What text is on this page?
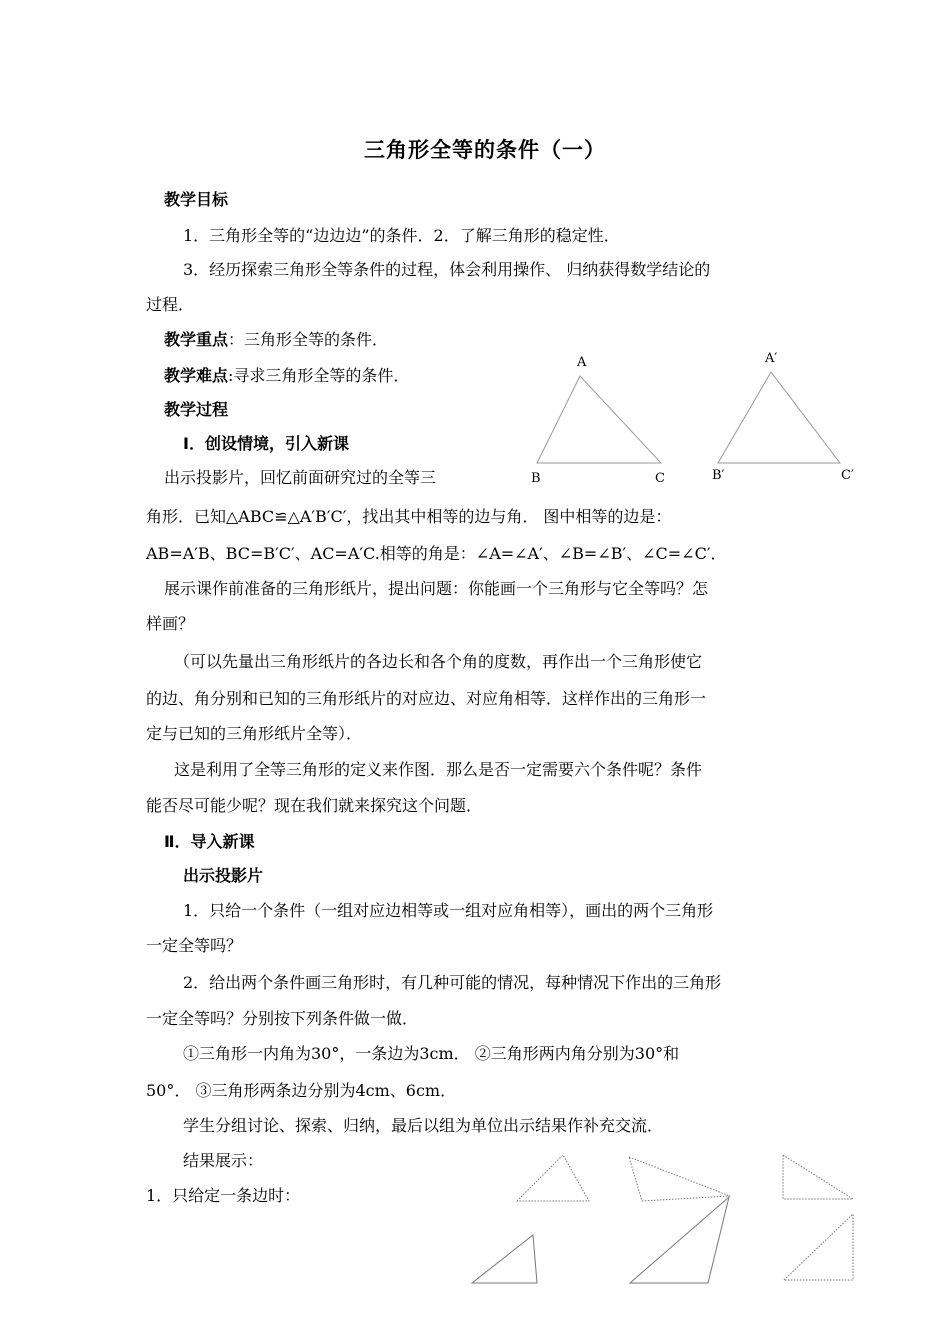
三角形全等的条件（一）
教学目标
1．三角形全等的“边边边”的条件．2．了解三角形的稳定性．
3．经历探索三角形全等条件的过程，体会利用操作、 归纳获得数学结论的
过程．
教学重点：三角形全等的条件．
教学难点:寻求三角形全等的条件．
教学过程
Ⅰ．创设情境，引入新课
出示投影片，回忆前面研究过的全等三
角形．已知△ABC≌△A′B′C′，找出其中相等的边与角． 图中相等的边是：
AB=A′B、BC=B′C′、AC=A′C.相等的角是：∠A=∠A′、∠B=∠B′、∠C=∠C′．
展示课作前准备的三角形纸片，提出问题：你能画一个三角形与它全等吗？怎
样画？
（可以先量出三角形纸片的各边长和各个角的度数，再作出一个三角形使它
的边、角分别和已知的三角形纸片的对应边、对应角相等．这样作出的三角形一
定与已知的三角形纸片全等）．
这是利用了全等三角形的定义来作图．那么是否一定需要六个条件呢？条件
能否尽可能少呢？现在我们就来探究这个问题．
Ⅱ．导入新课
出示投影片
1．只给一个条件（一组对应边相等或一组对应角相等），画出的两个三角形
一定全等吗？
2．给出两个条件画三角形时，有几种可能的情况，每种情况下作出的三角形
一定全等吗？分别按下列条件做一做．
①三角形一内角为30°，一条边为3cm． ②三角形两内角分别为30°和
50°． ③三角形两条边分别为4cm、6cm．
学生分组讨论、探索、归纳，最后以组为单位出示结果作补充交流．
结果展示：
1．只给定一条边时：
A
B	C
A′
B′	C′
